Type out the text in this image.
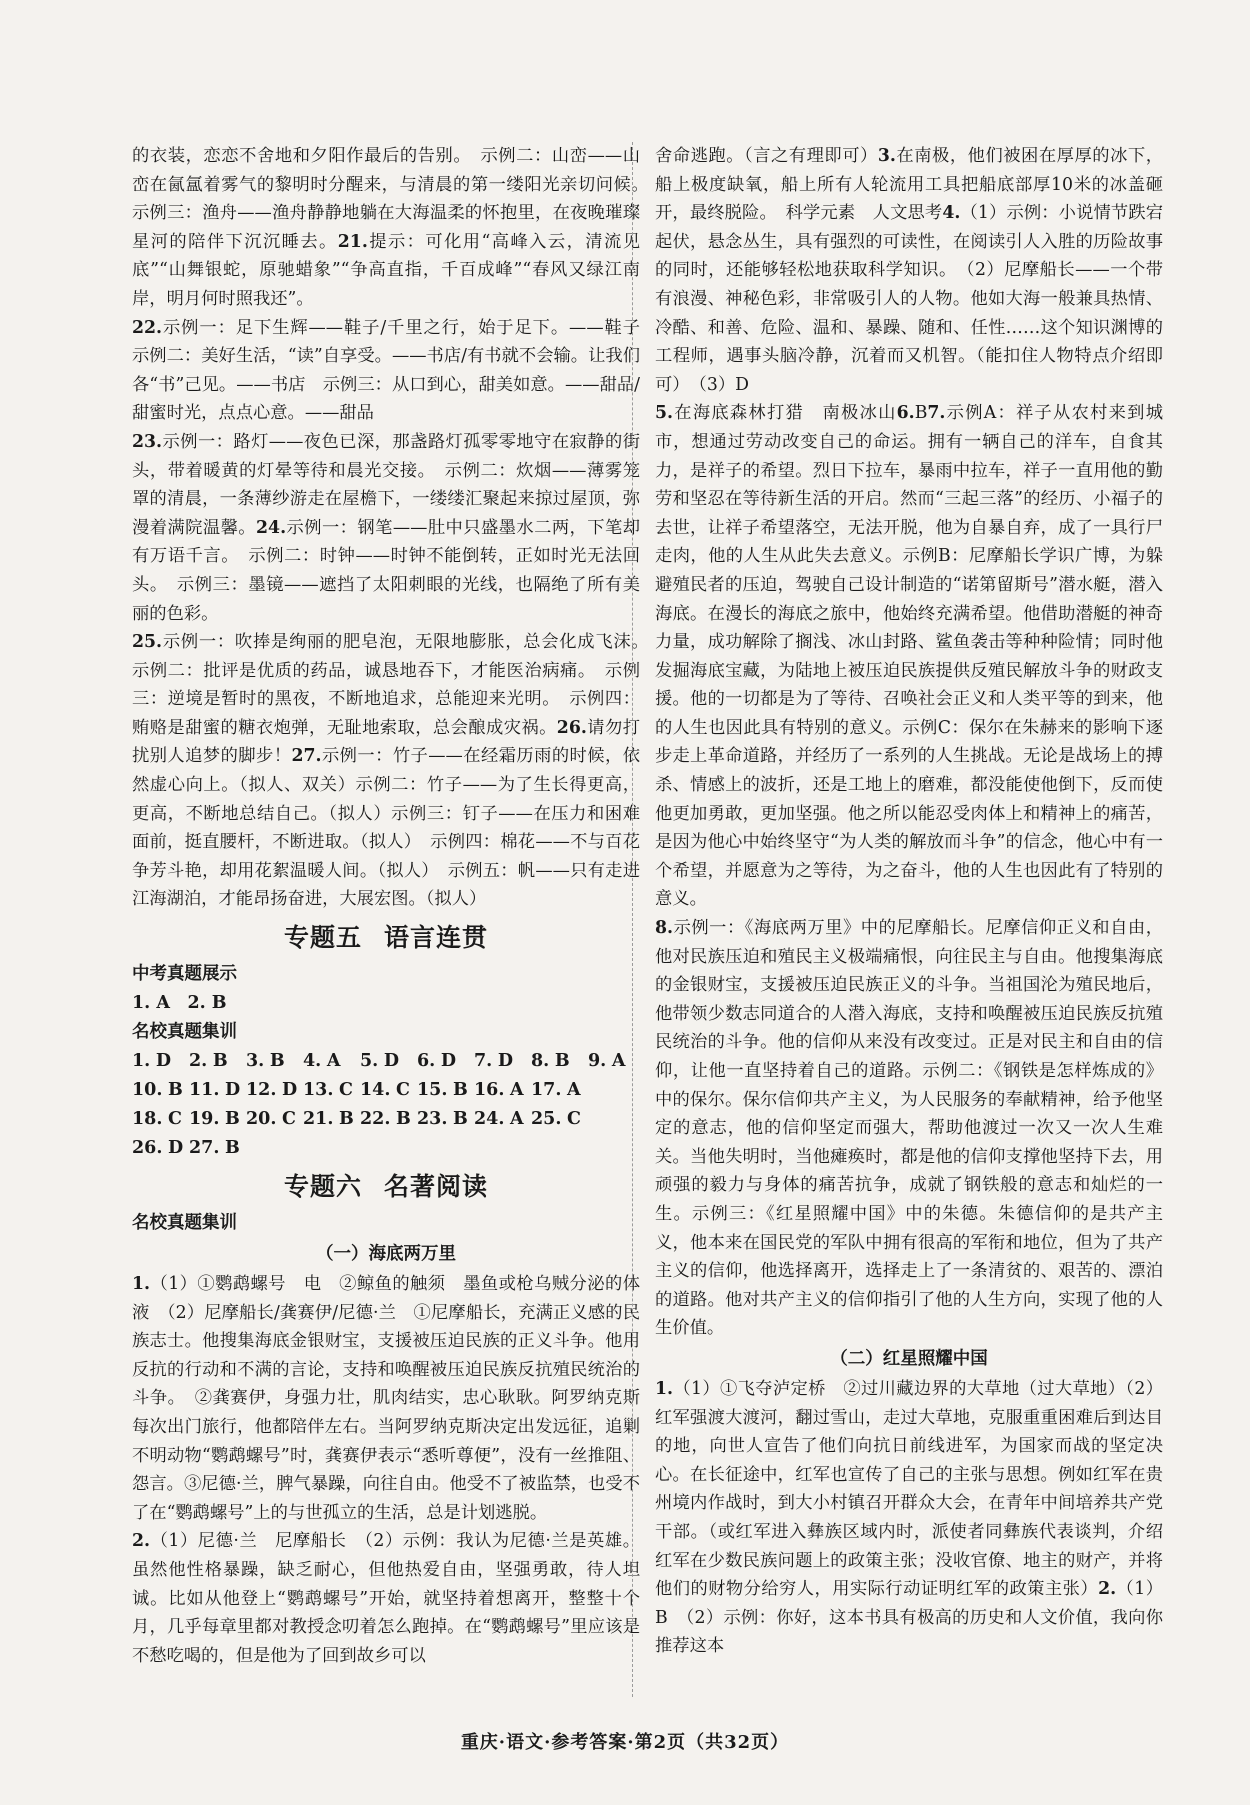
的衣装，恋恋不舍地和夕阳作最后的告别。　示例二：山峦——山峦在氤氲着雾气的黎明时分醒来，与清晨的第一缕阳光亲切问候。　示例三：渔舟——渔舟静静地躺在大海温柔的怀抱里，在夜晚璀璨星河的陪伴下沉沉睡去。21.提示：可化用“高峰入云，清流见底”“山舞银蛇，原驰蜡象”“争高直指，千百成峰”“春风又绿江南岸，明月何时照我还”。

22.示例一：足下生辉——鞋子/千里之行，始于足下。——鞋子　示例二：美好生活，“读”自享受。——书店/有书就不会输。让我们各“书”己见。——书店　示例三：从口到心，甜美如意。——甜品/甜蜜时光，点点心意。——甜品

23.示例一：路灯——夜色已深，那盏路灯孤零零地守在寂静的街头，带着暖黄的灯晕等待和晨光交接。　示例二：炊烟——薄雾笼罩的清晨，一条薄纱游走在屋檐下，一缕缕汇聚起来掠过屋顶，弥漫着满院温馨。24.示例一：钢笔——肚中只盛墨水二两，下笔却有万语千言。　示例二：时钟——时钟不能倒转，正如时光无法回头。　示例三：墨镜——遮挡了太阳刺眼的光线，也隔绝了所有美丽的色彩。

25.示例一：吹捧是绚丽的肥皂泡，无限地膨胀，总会化成飞沫。　示例二：批评是优质的药品，诚恳地吞下，才能医治病痛。　示例三：逆境是暂时的黑夜，不断地追求，总能迎来光明。　示例四：贿赂是甜蜜的糖衣炮弹，无耻地索取，总会酿成灾祸。26.请勿打扰别人追梦的脚步！27.示例一：竹子——在经霜历雨的时候，依然虚心向上。（拟人、双关）示例二：竹子——为了生长得更高，更高，不断地总结自己。（拟人）示例三：钉子——在压力和困难面前，挺直腰杆，不断进取。（拟人）　示例四：棉花——不与百花争芳斗艳，却用花絮温暖人间。（拟人）　示例五：帆——只有走进江海湖泊，才能昂扬奋进，大展宏图。（拟人）

专题五 语言连贯

中考真题展示

1. A　2. B

名校真题集训

1. D 2. B 3. B 4. A 5. D 6. D 7. D 8. B 9. A

10. B 11. D 12. D 13. C 14. C 15. B 16. A 17. A

18. C 19. B 20. C 21. B 22. B 23. B 24. A 25. C

26. D 27. B

专题六 名著阅读

名校真题集训

（一）海底两万里

1.（1）①鹦鹉螺号　电　②鲸鱼的触须　墨鱼或枪乌贼分泌的体液　（2）尼摩船长/龚赛伊/尼德·兰　①尼摩船长，充满正义感的民族志士。他搜集海底金银财宝，支援被压迫民族的正义斗争。他用反抗的行动和不满的言论，支持和唤醒被压迫民族反抗殖民统治的斗争。　②龚赛伊，身强力壮，肌肉结实，忠心耿耿。阿罗纳克斯每次出门旅行，他都陪伴左右。当阿罗纳克斯决定出发远征，追剿不明动物“鹦鹉螺号”时，龚赛伊表示“悉听尊便”，没有一丝推阻、怨言。③尼德·兰，脾气暴躁，向往自由。他受不了被监禁，也受不了在“鹦鹉螺号”上的与世孤立的生活，总是计划逃脱。

2.（1）尼德·兰　尼摩船长　（2）示例：我认为尼德·兰是英雄。虽然他性格暴躁，缺乏耐心，但他热爱自由，坚强勇敢，待人坦诚。比如从他登上“鹦鹉螺号”开始，就坚持着想离开，整整十个月，几乎每章里都对教授念叨着怎么跑掉。在“鹦鹉螺号”里应该是不愁吃喝的，但是他为了回到故乡可以

舍命逃跑。（言之有理即可）3.在南极，他们被困在厚厚的冰下，船上极度缺氧，船上所有人轮流用工具把船底部厚10米的冰盖砸开，最终脱险。　科学元素　人文思考4.（1）示例：小说情节跌宕起伏，悬念丛生，具有强烈的可读性，在阅读引人入胜的历险故事的同时，还能够轻松地获取科学知识。　（2）尼摩船长——一个带有浪漫、神秘色彩，非常吸引人的人物。他如大海一般兼具热情、冷酷、和善、危险、温和、暴躁、随和、任性……这个知识渊博的工程师，遇事头脑冷静，沉着而又机智。（能扣住人物特点介绍即可）　（3）D

5.在海底森林打猎　南极冰山6.B7.示例A：祥子从农村来到城市，想通过劳动改变自己的命运。拥有一辆自己的洋车，自食其力，是祥子的希望。烈日下拉车，暴雨中拉车，祥子一直用他的勤劳和坚忍在等待新生活的开启。然而“三起三落”的经历、小福子的去世，让祥子希望落空，无法开脱，他为自暴自弃，成了一具行尸走肉，他的人生从此失去意义。示例B：尼摩船长学识广博，为躲避殖民者的压迫，驾驶自己设计制造的“诺第留斯号”潜水艇，潜入海底。在漫长的海底之旅中，他始终充满希望。他借助潜艇的神奇力量，成功解除了搁浅、冰山封路、鲨鱼袭击等种种险情；同时他发掘海底宝藏，为陆地上被压迫民族提供反殖民解放斗争的财政支援。他的一切都是为了等待、召唤社会正义和人类平等的到来，他的人生也因此具有特别的意义。示例C：保尔在朱赫来的影响下逐步走上革命道路，并经历了一系列的人生挑战。无论是战场上的搏杀、情感上的波折，还是工地上的磨难，都没能使他倒下，反而使他更加勇敢，更加坚强。他之所以能忍受肉体上和精神上的痛苦，是因为他心中始终坚守“为人类的解放而斗争”的信念，他心中有一个希望，并愿意为之等待，为之奋斗，他的人生也因此有了特别的意义。

8.示例一：《海底两万里》中的尼摩船长。尼摩信仰正义和自由，他对民族压迫和殖民主义极端痛恨，向往民主与自由。他搜集海底的金银财宝，支援被压迫民族正义的斗争。当祖国沦为殖民地后，他带领少数志同道合的人潜入海底，支持和唤醒被压迫民族反抗殖民统治的斗争。他的信仰从来没有改变过。正是对民主和自由的信仰，让他一直坚持着自己的道路。示例二：《钢铁是怎样炼成的》中的保尔。保尔信仰共产主义，为人民服务的奉献精神，给予他坚定的意志，他的信仰坚定而强大，帮助他渡过一次又一次人生难关。当他失明时，当他瘫痪时，都是他的信仰支撑他坚持下去，用顽强的毅力与身体的痛苦抗争，成就了钢铁般的意志和灿烂的一生。示例三：《红星照耀中国》中的朱德。朱德信仰的是共产主义，他本来在国民党的军队中拥有很高的军衔和地位，但为了共产主义的信仰，他选择离开，选择走上了一条清贫的、艰苦的、漂泊的道路。他对共产主义的信仰指引了他的人生方向，实现了他的人生价值。

（二）红星照耀中国

1.（1）①飞夺泸定桥　②过川藏边界的大草地（过大草地）（2）红军强渡大渡河，翻过雪山，走过大草地，克服重重困难后到达目的地，向世人宣告了他们向抗日前线进军，为国家而战的坚定决心。在长征途中，红军也宣传了自己的主张与思想。例如红军在贵州境内作战时，到大小村镇召开群众大会，在青年中间培养共产党干部。（或红军进入彝族区域内时，派使者同彝族代表谈判，介绍红军在少数民族问题上的政策主张；没收官僚、地主的财产，并将他们的财物分给穷人，用实际行动证明红军的政策主张）2.（1）B　（2）示例：你好，这本书具有极高的历史和人文价值，我向你推荐这本

重庆·语文·参考答案·第2页（共32页）
